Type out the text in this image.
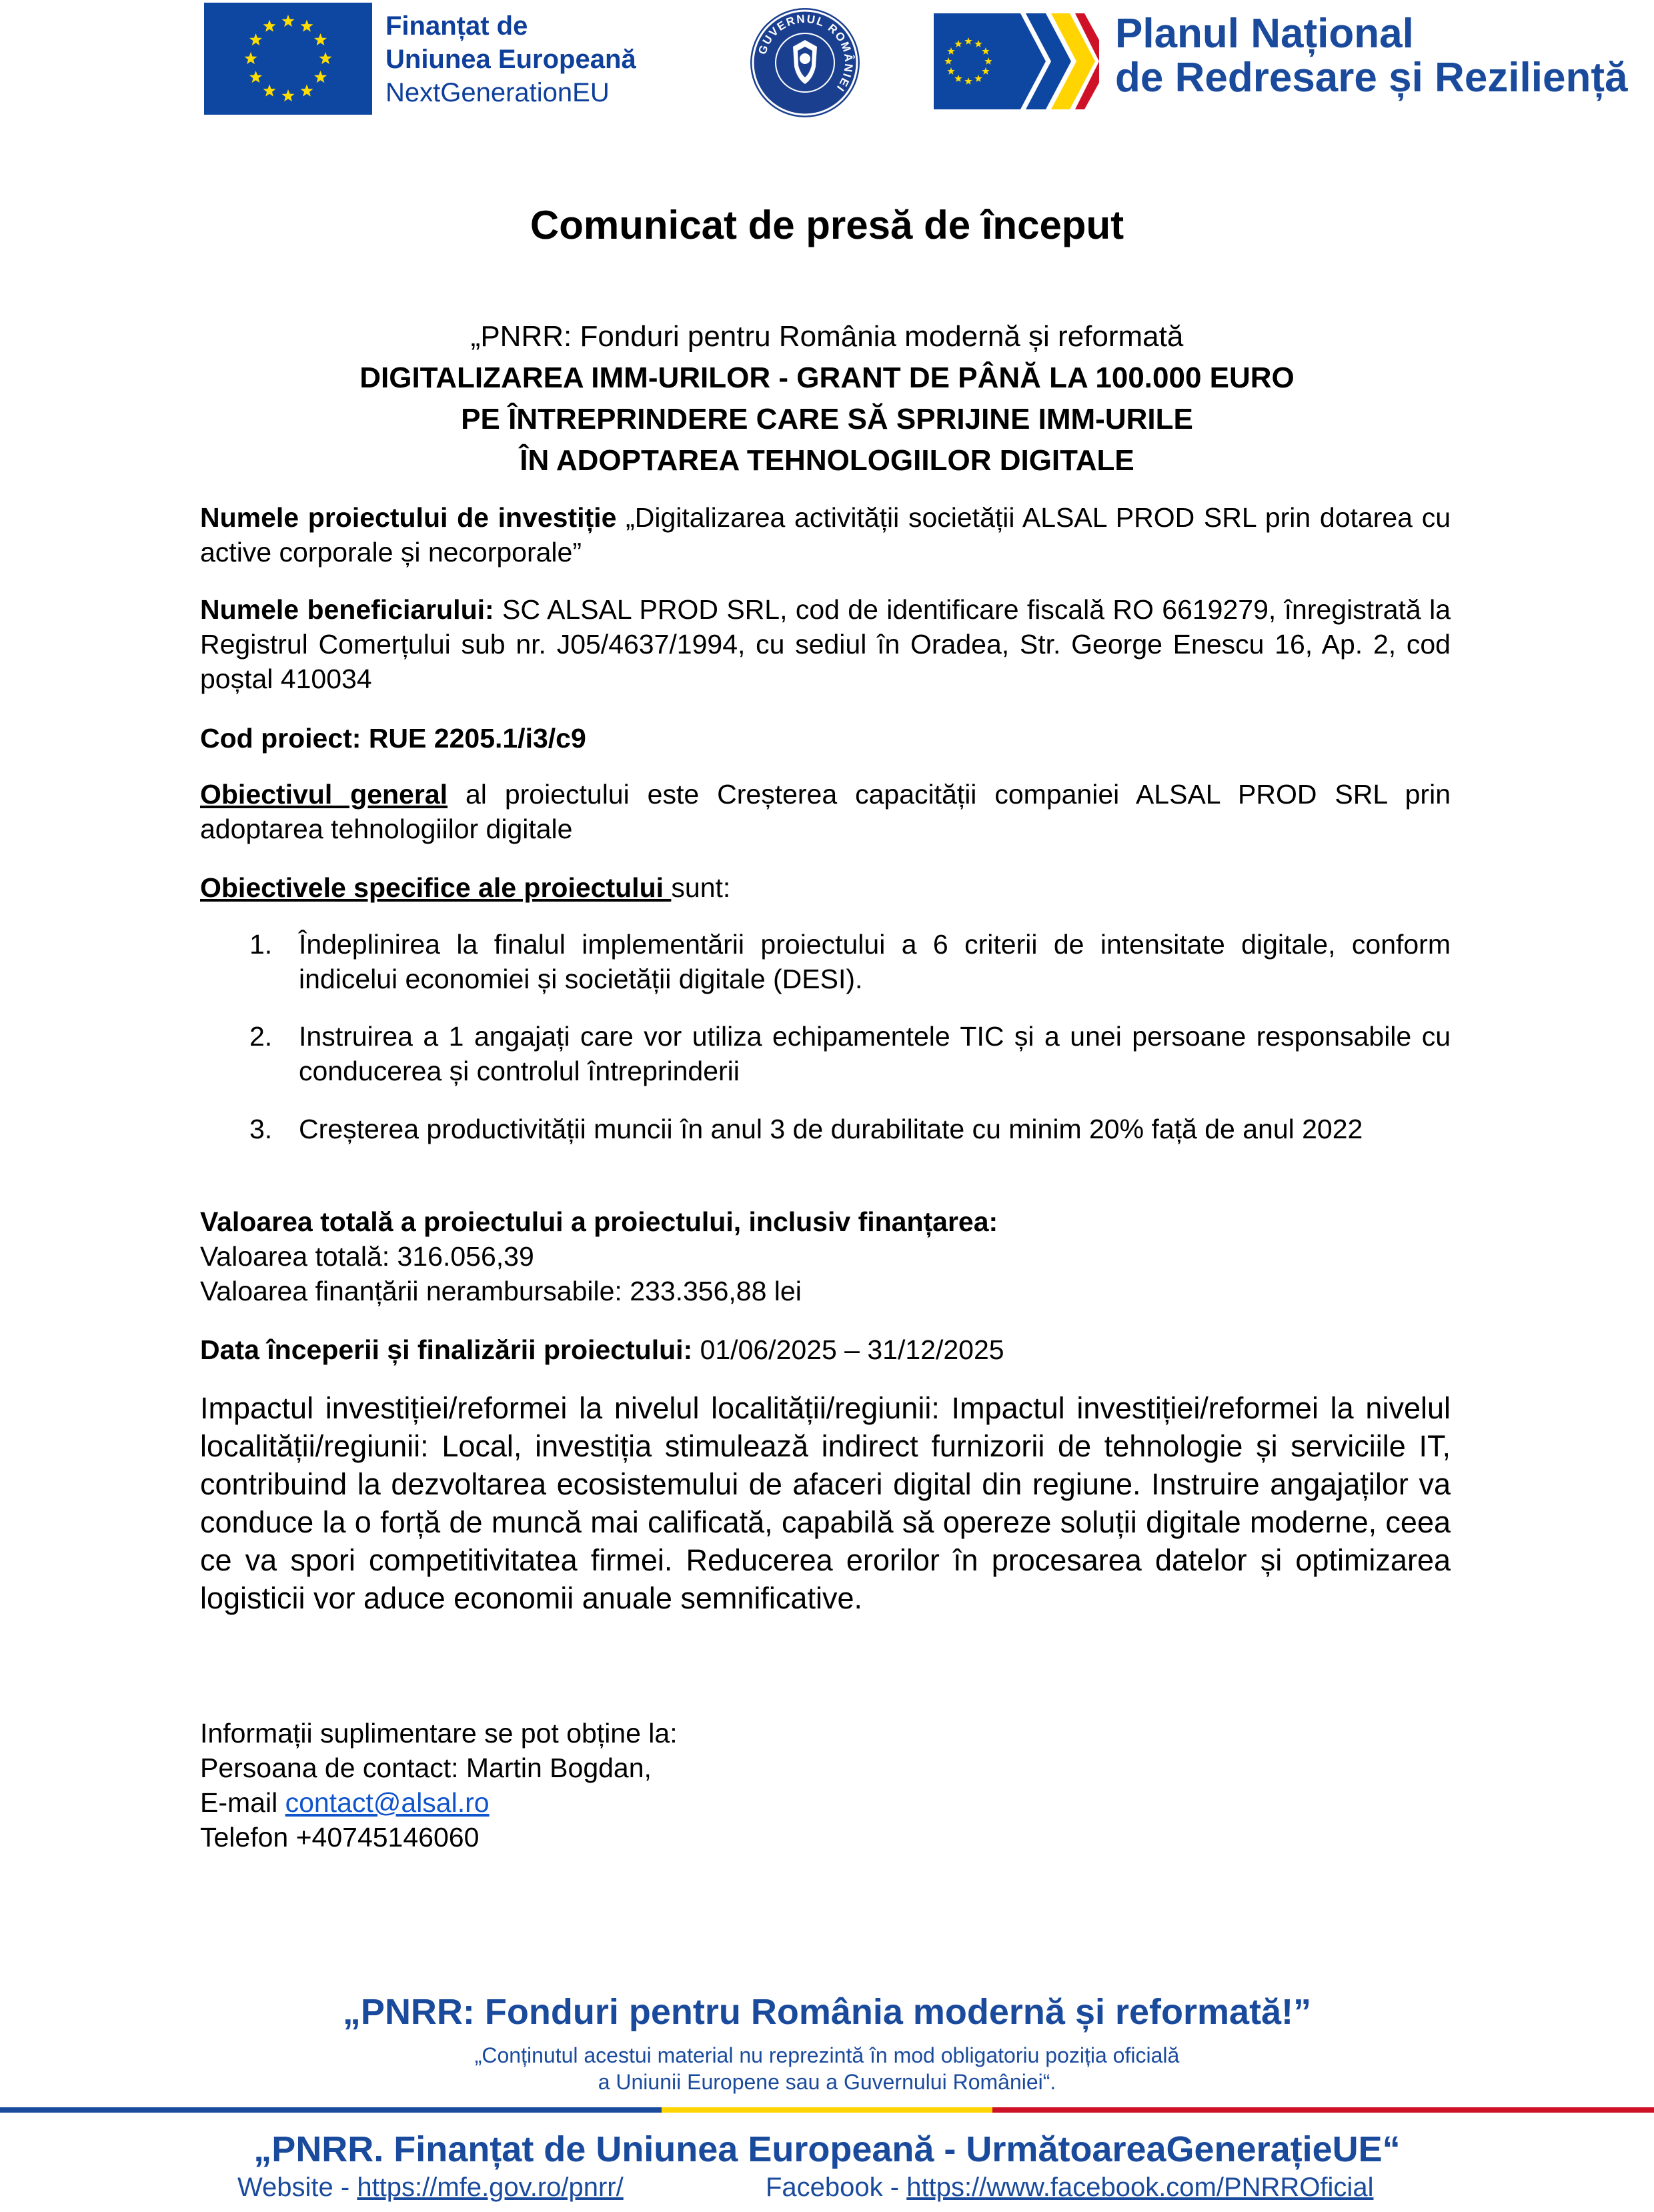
Finanțat de
Uniunea Europeană
NextGenerationEU
GUVERNUL ROMÂNIEI
Planul Național
de Redresare și Reziliență
Comunicat de presă de început
„PNRR: Fonduri pentru România modernă și reformată
DIGITALIZAREA IMM-URILOR - GRANT DE PÂNĂ LA 100.000 EURO
PE ÎNTREPRINDERE CARE SĂ SPRIJINE IMM-URILE
ÎN ADOPTAREA TEHNOLOGIILOR DIGITALE
Numele proiectului de investiție „Digitalizarea activității societății ALSAL PROD SRL prin dotarea cu active corporale și necorporale”
Numele beneficiarului: SC ALSAL PROD SRL, cod de identificare fiscală RO 6619279, înregistrată la Registrul Comerțului sub nr. J05/4637/1994, cu sediul în Oradea, Str. George Enescu 16, Ap. 2, cod poștal 410034
Cod proiect: RUE 2205.1/i3/c9
Obiectivul general al proiectului este Creșterea capacității companiei ALSAL PROD SRL prin adoptarea tehnologiilor digitale
Obiectivele specifice ale proiectului sunt:
1. Îndeplinirea la finalul implementării proiectului a 6 criterii de intensitate digitale, conform indicelui economiei și societății digitale (DESI).
2. Instruirea a 1 angajați care vor utiliza echipamentele TIC și a unei persoane responsabile cu conducerea și controlul întreprinderii
3. Creșterea productivității muncii în anul 3 de durabilitate cu minim 20% față de anul 2022
Valoarea totală a proiectului a proiectului, inclusiv finanțarea:
Valoarea totală: 316.056,39
Valoarea finanțării nerambursabile: 233.356,88 lei
Data începerii și finalizării proiectului: 01/06/2025 – 31/12/2025
Impactul investiției/reformei la nivelul localității/regiunii: Impactul investiției/reformei la nivelul localității/regiunii: Local, investiția stimulează indirect furnizorii de tehnologie și serviciile IT, contribuind la dezvoltarea ecosistemului de afaceri digital din regiune. Instruire angajaților va conduce la o forță de muncă mai calificată, capabilă să opereze soluții digitale moderne, ceea ce va spori competitivitatea firmei. Reducerea erorilor în procesarea datelor și optimizarea logisticii vor aduce economii anuale semnificative.
Informații suplimentare se pot obține la:
Persoana de contact: Martin Bogdan,
E-mail contact@alsal.ro
Telefon +40745146060
„PNRR: Fonduri pentru România modernă și reformată!”
„Conținutul acestui material nu reprezintă în mod obligatoriu poziția oficială
a Uniunii Europene sau a Guvernului României“.
„PNRR. Finanțat de Uniunea Europeană - UrmătoareaGenerațieUE“
Website - https://mfe.gov.ro/pnrr/	Facebook - https://www.facebook.com/PNRROficial
